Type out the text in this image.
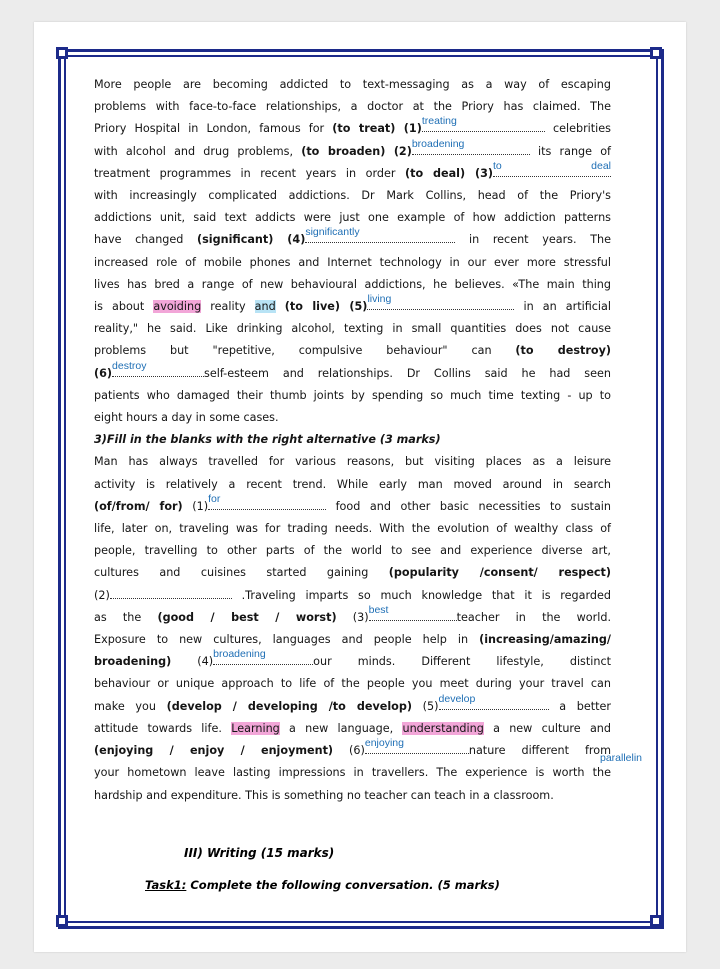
More people are becoming addicted to text-messaging as a way of escaping
problems with face-to-face relationships, a doctor at the Priory has claimed. The
Priory Hospital in London, famous for (to treat) (1)
treating
celebrities
with alcohol and drug problems, (to broaden) (2)
broadening
its range of
treatment programmes in recent years in order (to deal) (3)
to deal
with increasingly complicated addictions. Dr Mark Collins, head of the Priory's
addictions unit, said text addicts were just one example of how addiction patterns
have changed (significant) (4)
significantly
in recent years. The
increased role of mobile phones and Internet technology in our ever more stressful
lives has bred a range of new behavioural addictions, he believes. «The main thing
is about avoiding reality and (to live) (5)
living
in an artificial
reality," he said. Like drinking alcohol, texting in small quantities does not cause
problems but "repetitive, compulsive behaviour" can (to destroy)
(6)
destroy
self-esteem and relationships. Dr Collins said he had seen
patients who damaged their thumb joints by spending so much time texting - up to
eight hours a day in some cases.

3)Fill in the blanks with the right alternative (3 marks)

Man has always travelled for various reasons, but visiting places as a leisure
activity is relatively a recent trend. While early man moved around in search
(of/from/ for) (1)
for
food and other basic necessities to sustain
life, later on, traveling was for trading needs. With the evolution of wealthy class of
people, travelling to other parts of the world to see and experience diverse art,
cultures and cuisines started gaining (popularity /consent/ respect)
(2)	.Traveling imparts so much knowledge that it is regarded
as the (good / best / worst) (3)
best
teacher in the world.
Exposure to new cultures, languages and people help in (increasing/amazing/
broadening) (4)
broadening
our minds. Different lifestyle, distinct
behaviour or unique approach to life of the people you meet during your travel can
make you (develop / developing /to develop) (5)
develop
a better
attitude towards life. Learning a new language, understanding a new culture and
(enjoying / enjoy / enjoyment) (6)
enjoying
nature different from
your hometown leave lasting impressions in travellers. The experience is worth the
hardship and expenditure. This is something no teacher can teach in a classroom.

parallelin
III) Writing (15 marks)
Task1: Complete the following conversation. (5 marks)
